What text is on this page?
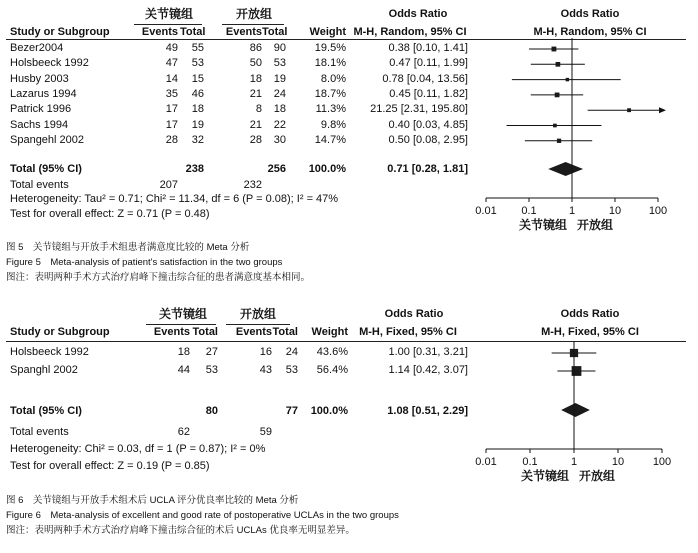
关节镜组	开放组	Odds Ratio	Odds Ratio
Study or Subgroup	Events Total	Events Total	Weight M-H, Random, 95% CI	M-H, Random, 95% CI
Bezer2004	49	55	86	90	19.5%	0.38 [0.10, 1.41]
Holsbeeck 1992	47	53	50	53	18.1%	0.47 [0.11, 1.99]
Husby 2003	14	15	18	19	8.0%	0.78 [0.04, 13.56]
Lazarus 1994	35	46	21	24	18.7%	0.45 [0.11, 1.82]
Patrick 1996	17	18	8	18	11.3%	21.25 [2.31, 195.80]
Sachs 1994	17	19	21	22	9.8%	0.40 [0.03, 4.85]
Spangehl 2002	28	32	28	30	14.7%	0.50 [0.08, 2.95]
Total (95% CI)	238	256	100.0%	0.71 [0.28, 1.81]
Total events	207	232
Heterogeneity: Tau² = 0.71; Chi² = 11.34, df = 6 (P = 0.08); I² = 47%
Test for overall effect: Z = 0.71 (P = 0.48)	0.01 0.1	1	10	100
关节镜组 开放组
图 5　关节镜组与开放手术组患者满意度比较的 Meta 分析
Figure 5　Meta-analysis of patient's satisfaction in the two groups
图注：表明两种手术方式治疗肩峰下撞击综合征的患者满意度基本相同。
关节镜组	开放组	Odds Ratio	Odds Ratio
Study or Subgroup	Events Total	Events Total	Weight	M-H, Fixed, 95% CI	M-H, Fixed, 95% CI
Holsbeeck 1992	18	27	16	24	43.6%	1.00 [0.31, 3.21]
Spanghl 2002	44	53	43	53	56.4%	1.14 [0.42, 3.07]
Total (95% CI)	80	77	100.0%	1.08 [0.51, 2.29]
Total events	62	59
Heterogeneity: Chi² = 0.03, df = 1 (P = 0.87); I² = 0%
Test for overall effect: Z = 0.19 (P = 0.85)	0.01 0.1	1	10	100
关节镜组 开放组
图 6　关节镜组与开放手术组术后 UCLA 评分优良率比较的 Meta 分析
Figure 6　Meta-analysis of excellent and good rate of postoperative UCLAs in the two groups
图注：表明两种手术方式治疗肩峰下撞击综合征的术后 UCLAs 优良率无明显差异。
